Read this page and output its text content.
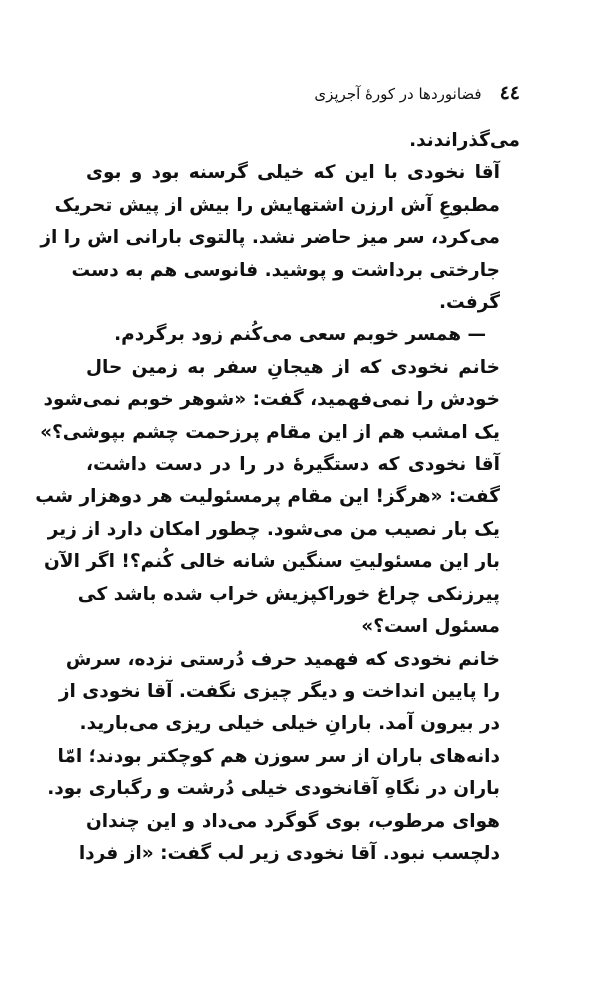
٤٤
فضانوردها در کورهٔ آجرپزی

می‌گذراندند.

آقا نخودی با این که خیلی گرسنه بود و بوی
مطبوعِ آش ارزن اشتهایش را بیش از پیش تحریک
می‌کرد، سر میز حاضر نشد. پالتوی بارانی اش را از
جارختی برداشت و پوشید. فانوسی هم به دست
گرفت.

— همسر خوبم سعی می‌کُنم زود برگردم.

خانم نخودی که از هیجانِ سفر به زمین حال
خودش را نمی‌فهمید، گفت: «شوهر خوبم نمی‌شود
یک امشب هم از این مقام پرزحمت چشم بپوشی؟»

آقا نخودی که دستگیرهٔ در را در دست داشت،
گفت: «هرگز! این مقام پرمسئولیت هر دوهزار شب
یک بار نصیب من می‌شود. چطور امکان دارد از زیر
بار این مسئولیتِ سنگین شانه خالی کُنم؟! اگر الآن
پیرزنکی چراغ خوراکپزیش خراب شده باشد کی
مسئول است؟»

خانم نخودی که فهمید حرف دُرستی نزده، سرش
را پایین انداخت و دیگر چیزی نگفت. آقا نخودی از
در بیرون آمد. بارانِ خیلی خیلی ریزی می‌بارید.
دانه‌های باران از سر سوزن هم کوچکتر بودند؛ امّا
باران در نگاهِ آقانخودی خیلی دُرشت و رگباری بود.
هوای مرطوب، بوی گوگرد می‌داد و این چندان
دلچسب نبود. آقا نخودی زیر لب گفت: «از فردا
